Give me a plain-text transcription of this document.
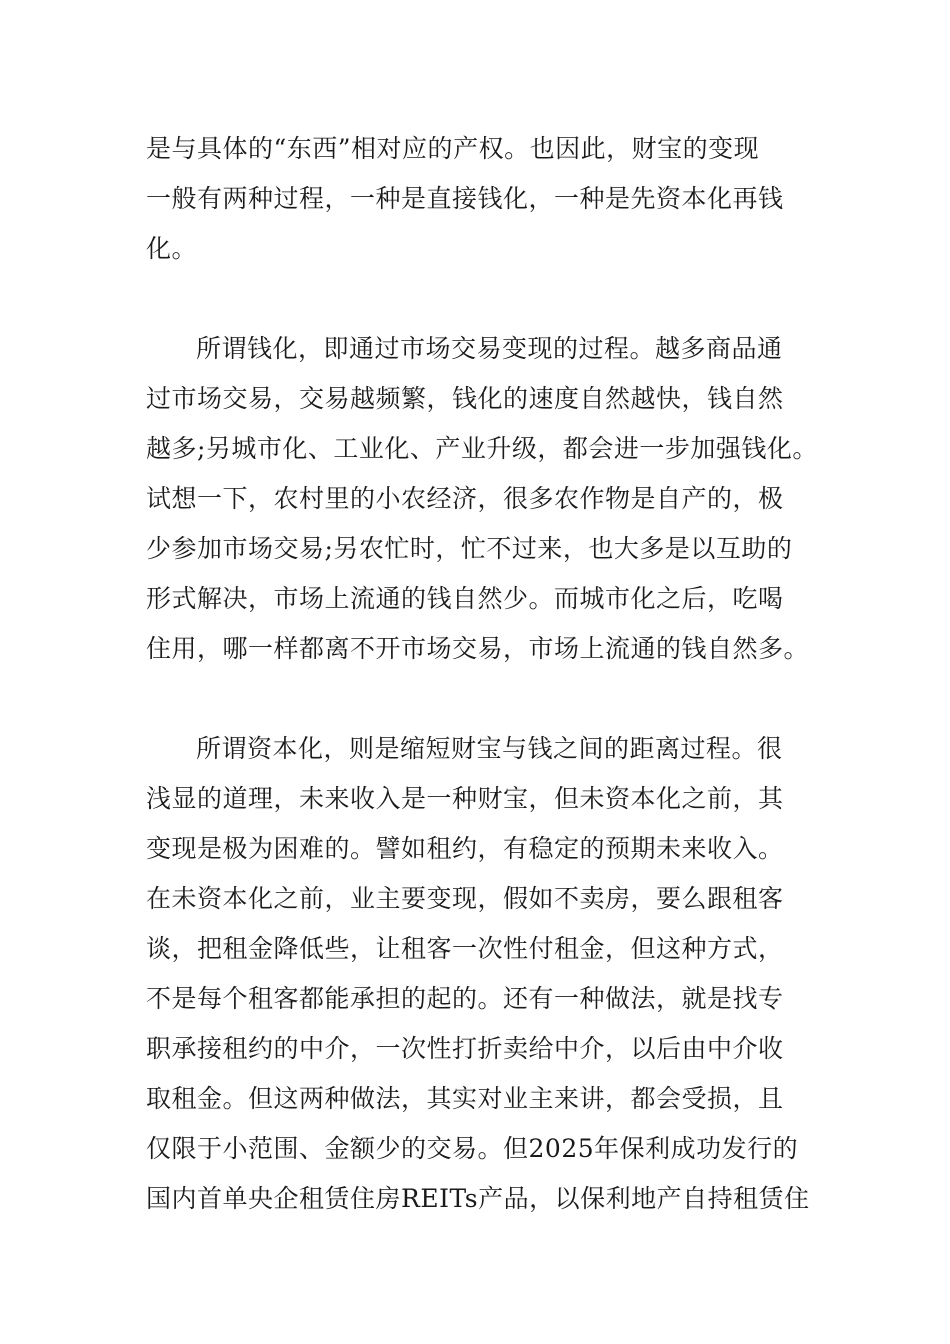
是与具体的“东西”相对应的产权。也因此，财宝的变现
一般有两种过程，一种是直接钱化，一种是先资本化再钱
化。
所谓钱化，即通过市场交易变现的过程。越多商品通
过市场交易，交易越频繁，钱化的速度自然越快，钱自然
越多;另城市化、工业化、产业升级，都会进一步加强钱化。
试想一下，农村里的小农经济，很多农作物是自产的，极
少参加市场交易;另农忙时，忙不过来，也大多是以互助的
形式解决，市场上流通的钱自然少。而城市化之后，吃喝
住用，哪一样都离不开市场交易，市场上流通的钱自然多。
所谓资本化，则是缩短财宝与钱之间的距离过程。很
浅显的道理，未来收入是一种财宝，但未资本化之前，其
变现是极为困难的。譬如租约，有稳定的预期未来收入。
在未资本化之前，业主要变现，假如不卖房，要么跟租客
谈，把租金降低些，让租客一次性付租金，但这种方式，
不是每个租客都能承担的起的。还有一种做法，就是找专
职承接租约的中介，一次性打折卖给中介，以后由中介收
取租金。但这两种做法，其实对业主来讲，都会受损，且
仅限于小范围、金额少的交易。但2025年保利成功发行的
国内首单央企租赁住房REITs产品，以保利地产自持租赁住
